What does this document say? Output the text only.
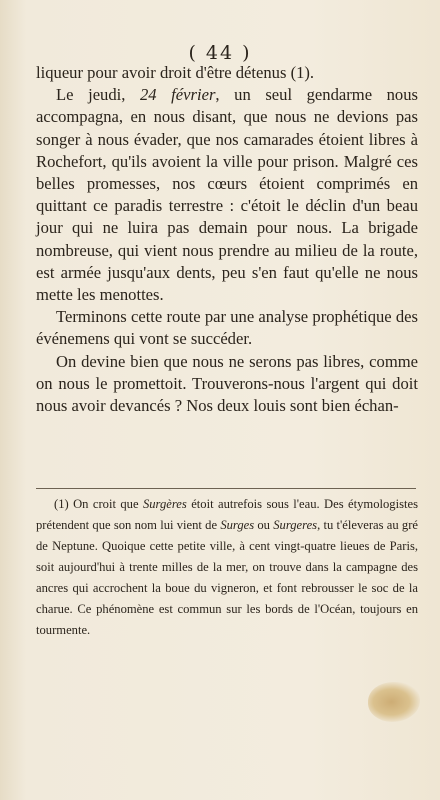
( 44 )

liqueur pour avoir droit d'être détenus (1).

Le jeudi, 24 février, un seul gendarme nous accompagna, en nous disant, que nous ne devions pas songer à nous évader, que nos camarades étoient libres à Rochefort, qu'ils avoient la ville pour prison. Malgré ces belles promesses, nos cœurs étoient comprimés en quittant ce paradis terrestre : c'étoit le déclin d'un beau jour qui ne luira pas demain pour nous. La brigade nombreuse, qui vient nous prendre au milieu de la route, est armée jusqu'aux dents, peu s'en faut qu'elle ne nous mette les menottes.

Terminons cette route par une analyse prophétique des événemens qui vont se succéder.

On devine bien que nous ne serons pas libres, comme on nous le promettoit. Trouverons-nous l'argent qui doit nous avoir devancés ? Nos deux louis sont bien échan-

(1) On croit que Surgères étoit autrefois sous l'eau. Des étymologistes prétendent que son nom lui vient de Surges ou Surgeres, tu t'éleveras au gré de Neptune. Quoique cette petite ville, à cent vingt-quatre lieues de Paris, soit aujourd'hui à trente milles de la mer, on trouve dans la campagne des ancres qui accrochent la boue du vigneron, et font rebrousser le soc de la charue. Ce phénomène est commun sur les bords de l'Océan, toujours en tourmente.
